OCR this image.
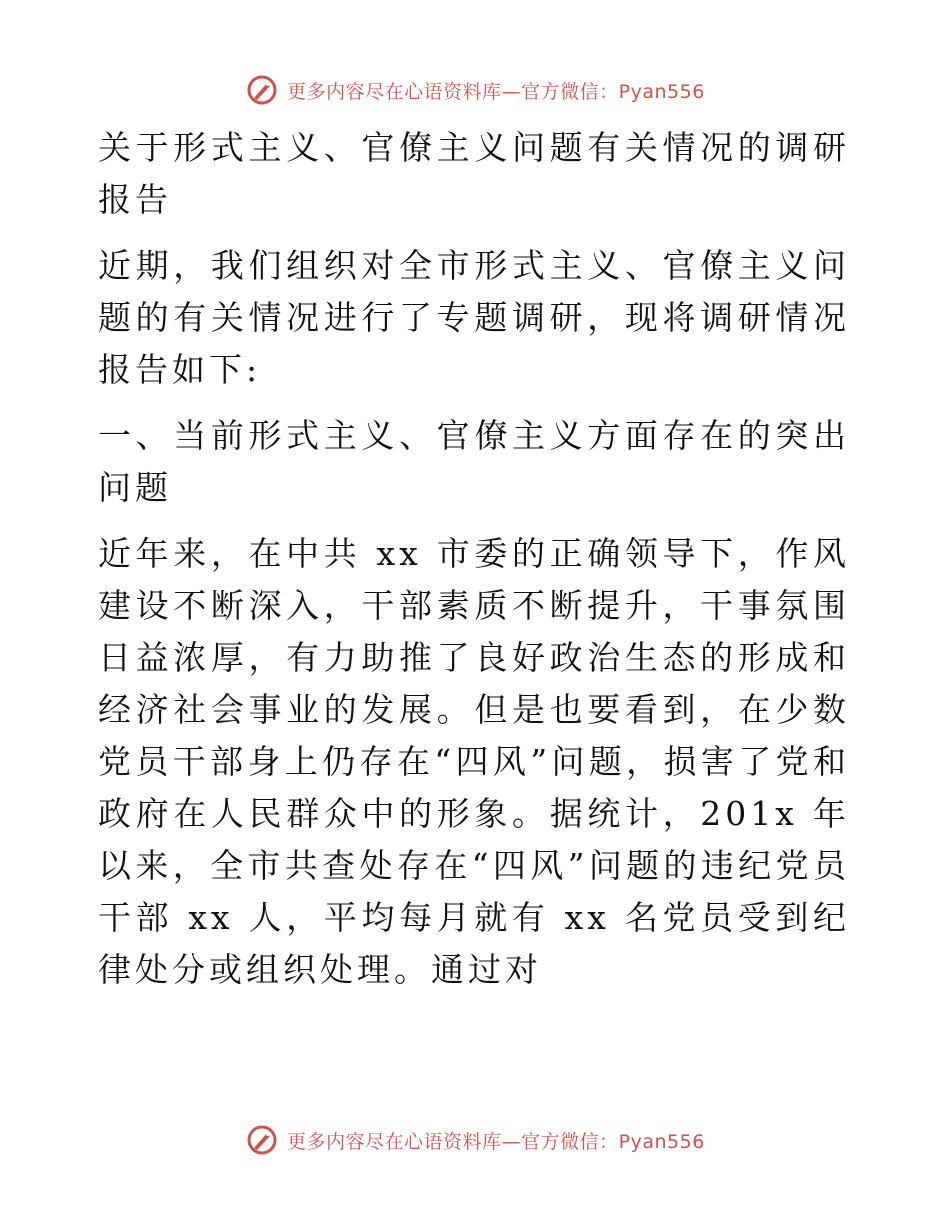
更多内容尽在心语资料库—官方微信：Pyan556

关于形式主义、官僚主义问题有关情况的调研报告

近期，我们组织对全市形式主义、官僚主义问题的有关情况进行了专题调研，现将调研情况报告如下:

一、当前形式主义、官僚主义方面存在的突出问题

近年来，在中共 xx 市委的正确领导下，作风建设不断深入，干部素质不断提升，干事氛围日益浓厚，有力助推了良好政治生态的形成和经济社会事业的发展。但是也要看到，在少数党员干部身上仍存在“四风”问题，损害了党和政府在人民群众中的形象。据统计，201x 年以来，全市共查处存在“四风”问题的违纪党员干部 xx 人，平均每月就有 xx 名党员受到纪律处分或组织处理。通过对

更多内容尽在心语资料库—官方微信：Pyan556
